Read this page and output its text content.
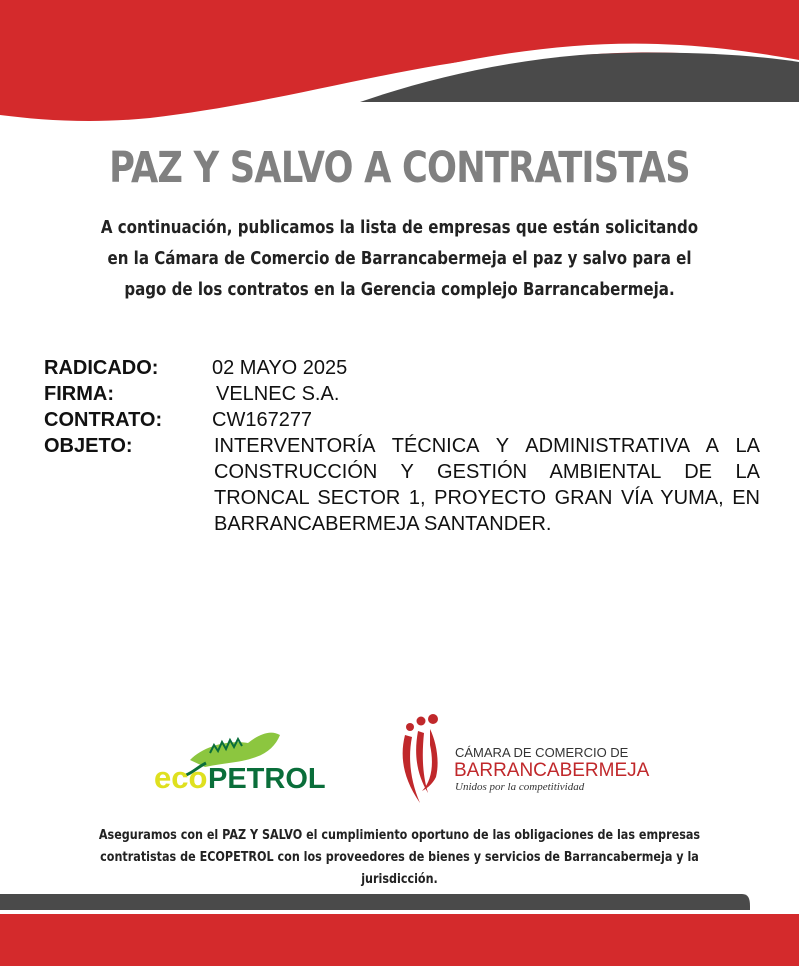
PAZ Y SALVO A CONTRATISTAS
A continuación, publicamos la lista de empresas que están solicitando en la Cámara de Comercio de Barrancabermeja el paz y salvo para el pago de los contratos en la Gerencia complejo Barrancabermeja.
RADICADO:	02 MAYO 2025
FIRMA:	VELNEC S.A.
CONTRATO:	CW167277
OBJETO:	INTERVENTORÍA TÉCNICA Y ADMINISTRATIVA A LA CONSTRUCCIÓN Y GESTIÓN AMBIENTAL DE LA TRONCAL SECTOR 1, PROYECTO GRAN VÍA YUMA, EN BARRANCABERMEJA SANTANDER.
eco PETROL
CÁMARA DE COMERCIO DE
BARRANCABERMEJA
Unidos por la competitividad
Aseguramos con el PAZ Y SALVO el cumplimiento oportuno de las obligaciones de las empresas contratistas de ECOPETROL con los proveedores de bienes y servicios de Barrancabermeja y la jurisdicción.
